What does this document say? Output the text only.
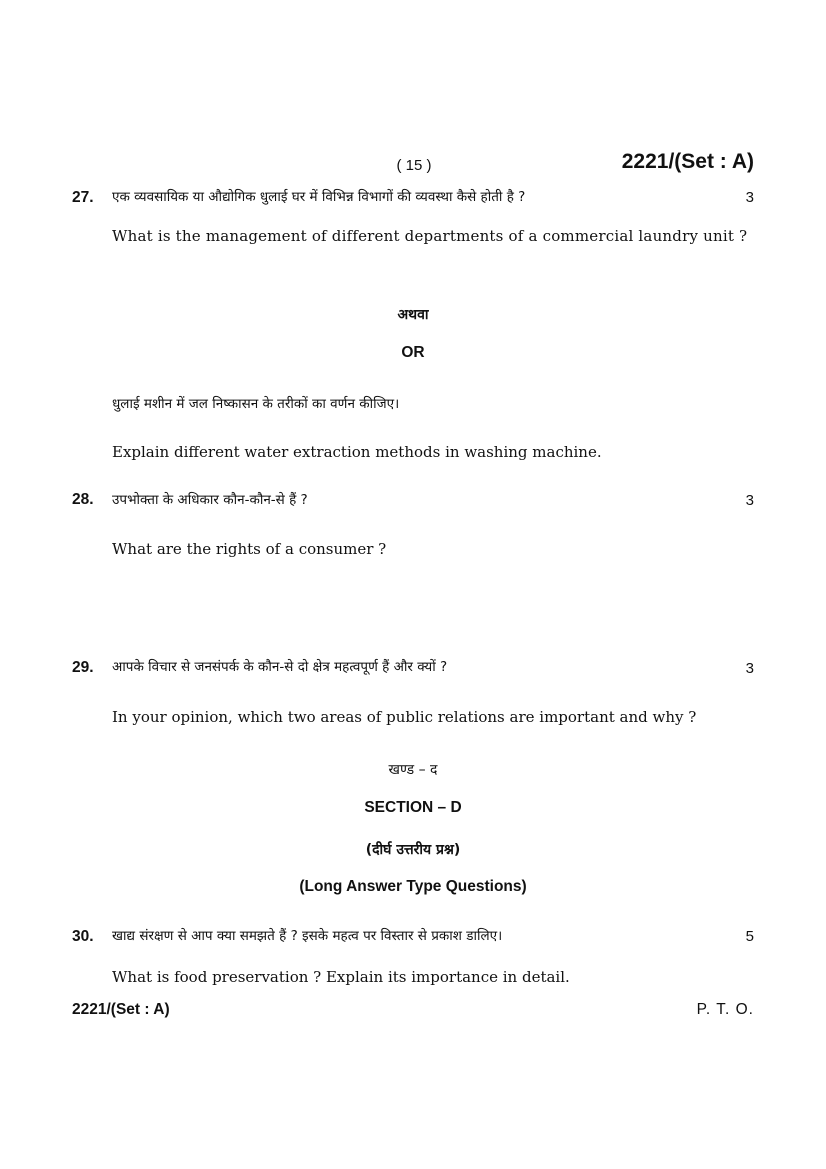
( 15 )	2221/(Set : A)
27. एक व्यवसायिक या औद्योगिक धुलाई घर में विभिन्न विभागों की व्यवस्था कैसे होती है ?	3
What is the management of different departments of a commercial laundry unit ?
अथवा
OR
धुलाई मशीन में जल निष्कासन के तरीकों का वर्णन कीजिए।
Explain different water extraction methods in washing machine.
28. उपभोक्ता के अधिकार कौन-कौन-से हैं ?	3
What are the rights of a consumer ?
29. आपके विचार से जनसंपर्क के कौन-से दो क्षेत्र महत्वपूर्ण हैं और क्यों ?	3
In your opinion, which two areas of public relations are important and why ?
खण्ड – द
SECTION – D
(दीर्घ उत्तरीय प्रश्न)
(Long Answer Type Questions)
30. खाद्य संरक्षण से आप क्या समझते हैं ? इसके महत्व पर विस्तार से प्रकाश डालिए।	5
What is food preservation ? Explain its importance in detail.
2221/(Set : A)	P. T. O.
